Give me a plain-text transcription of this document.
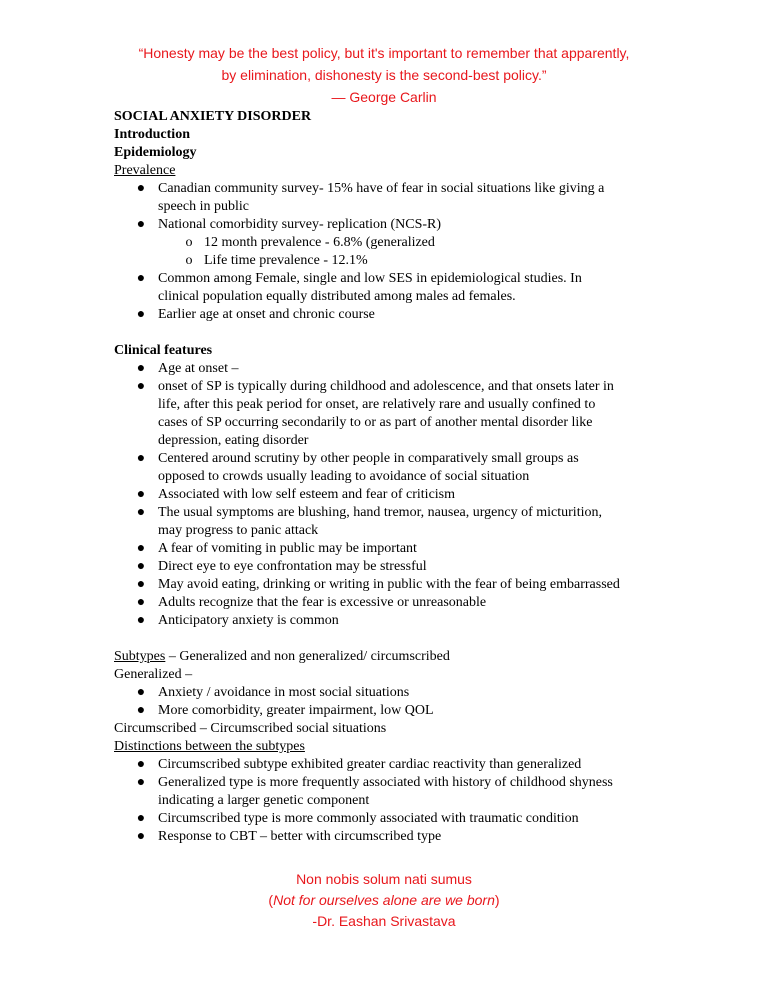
“Honesty may be the best policy, but it's important to remember that apparently,
by elimination, dishonesty is the second-best policy.”
— George Carlin
SOCIAL ANXIETY DISORDER
Introduction
Epidemiology
Prevalence
● Canadian community survey- 15% have of fear in social situations like giving a
speech in public
● National comorbidity survey- replication (NCS-R)
o 12 month prevalence - 6.8% (generalized
o Life time prevalence - 12.1%
● Common among Female, single and low SES in epidemiological studies. In
clinical population equally distributed among males ad females.
● Earlier age at onset and chronic course
Clinical features
● Age at onset –
● onset of SP is typically during childhood and adolescence, and that onsets later in
life, after this peak period for onset, are relatively rare and usually confined to
cases of SP occurring secondarily to or as part of another mental disorder like
depression, eating disorder
● Centered around scrutiny by other people in comparatively small groups as
opposed to crowds usually leading to avoidance of social situation
● Associated with low self esteem and fear of criticism
● The usual symptoms are blushing, hand tremor, nausea, urgency of micturition,
may progress to panic attack
● A fear of vomiting in public may be important
● Direct eye to eye confrontation may be stressful
● May avoid eating, drinking or writing in public with the fear of being embarrassed
● Adults recognize that the fear is excessive or unreasonable
● Anticipatory anxiety is common
Subtypes – Generalized and non generalized/ circumscribed
Generalized –
● Anxiety / avoidance in most social situations
● More comorbidity, greater impairment, low QOL
Circumscribed – Circumscribed social situations
Distinctions between the subtypes
● Circumscribed subtype exhibited greater cardiac reactivity than generalized
● Generalized type is more frequently associated with history of childhood shyness
indicating a larger genetic component
● Circumscribed type is more commonly associated with traumatic condition
● Response to CBT – better with circumscribed type
Non nobis solum nati sumus
(Not for ourselves alone are we born)
-Dr. Eashan Srivastava
